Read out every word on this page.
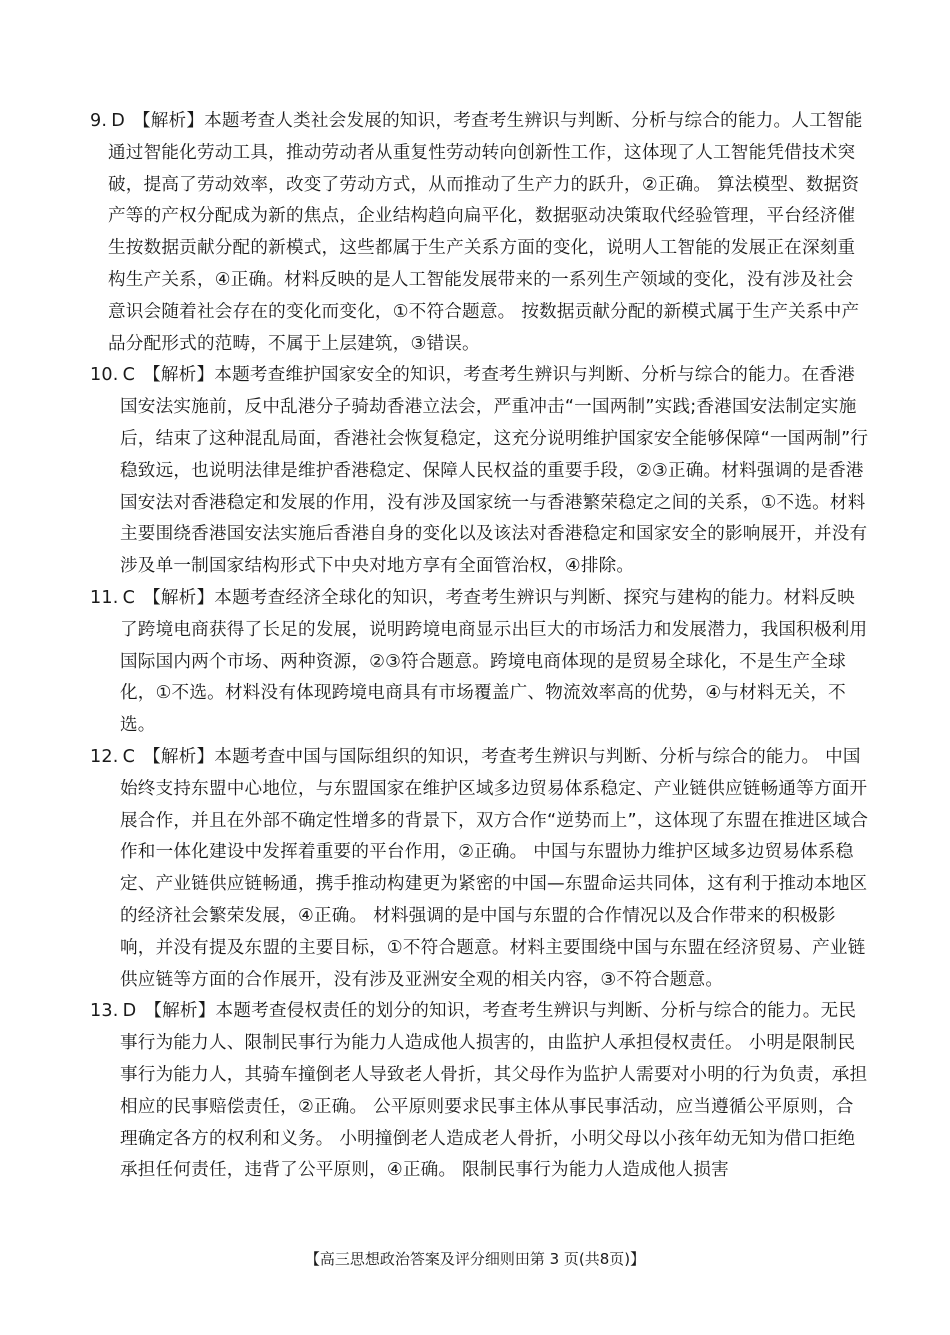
9. D 【解析】本题考查人类社会发展的知识，考查考生辨识与判断、分析与综合的能力。人工智能通过智能化劳动工具，推动劳动者从重复性劳动转向创新性工作，这体现了人工智能凭借技术突破，提高了劳动效率，改变了劳动方式，从而推动了生产力的跃升，②正确。 算法模型、数据资产等的产权分配成为新的焦点，企业结构趋向扁平化，数据驱动决策取代经验管理，平台经济催生按数据贡献分配的新模式，这些都属于生产关系方面的变化，说明人工智能的发展正在深刻重构生产关系，④正确。材料反映的是人工智能发展带来的一系列生产领域的变化，没有涉及社会意识会随着社会存在的变化而变化，①不符合题意。 按数据贡献分配的新模式属于生产关系中产品分配形式的范畴，不属于上层建筑，③错误。

10. C 【解析】本题考查维护国家安全的知识，考查考生辨识与判断、分析与综合的能力。在香港国安法实施前，反中乱港分子骑劫香港立法会，严重冲击“一国两制”实践;香港国安法制定实施后，结束了这种混乱局面，香港社会恢复稳定，这充分说明维护国家安全能够保障“一国两制”行稳致远，也说明法律是维护香港稳定、保障人民权益的重要手段，②③正确。材料强调的是香港国安法对香港稳定和发展的作用，没有涉及国家统一与香港繁荣稳定之间的关系，①不选。材料主要围绕香港国安法实施后香港自身的变化以及该法对香港稳定和国家安全的影响展开，并没有涉及单一制国家结构形式下中央对地方享有全面管治权，④排除。

11. C 【解析】本题考查经济全球化的知识，考查考生辨识与判断、探究与建构的能力。材料反映了跨境电商获得了长足的发展，说明跨境电商显示出巨大的市场活力和发展潜力，我国积极利用国际国内两个市场、两种资源，②③符合题意。跨境电商体现的是贸易全球化，不是生产全球化，①不选。材料没有体现跨境电商具有市场覆盖广、物流效率高的优势，④与材料无关，不选。

12. C 【解析】本题考查中国与国际组织的知识，考查考生辨识与判断、分析与综合的能力。 中国始终支持东盟中心地位，与东盟国家在维护区域多边贸易体系稳定、产业链供应链畅通等方面开展合作，并且在外部不确定性增多的背景下，双方合作“逆势而上”，这体现了东盟在推进区域合作和一体化建设中发挥着重要的平台作用，②正确。 中国与东盟协力维护区域多边贸易体系稳定、产业链供应链畅通，携手推动构建更为紧密的中国—东盟命运共同体，这有利于推动本地区的经济社会繁荣发展，④正确。 材料强调的是中国与东盟的合作情况以及合作带来的积极影响，并没有提及东盟的主要目标，①不符合题意。材料主要围绕中国与东盟在经济贸易、产业链供应链等方面的合作展开，没有涉及亚洲安全观的相关内容，③不符合题意。

13. D 【解析】本题考查侵权责任的划分的知识，考查考生辨识与判断、分析与综合的能力。无民事行为能力人、限制民事行为能力人造成他人损害的，由监护人承担侵权责任。 小明是限制民事行为能力人，其骑车撞倒老人导致老人骨折，其父母作为监护人需要对小明的行为负责，承担相应的民事赔偿责任，②正确。 公平原则要求民事主体从事民事活动，应当遵循公平原则，合理确定各方的权利和义务。 小明撞倒老人造成老人骨折，小明父母以小孩年幼无知为借口拒绝承担任何责任，违背了公平原则，④正确。 限制民事行为能力人造成他人损害

【高三思想政治答案及评分细则田第 3 页(共8页)】
